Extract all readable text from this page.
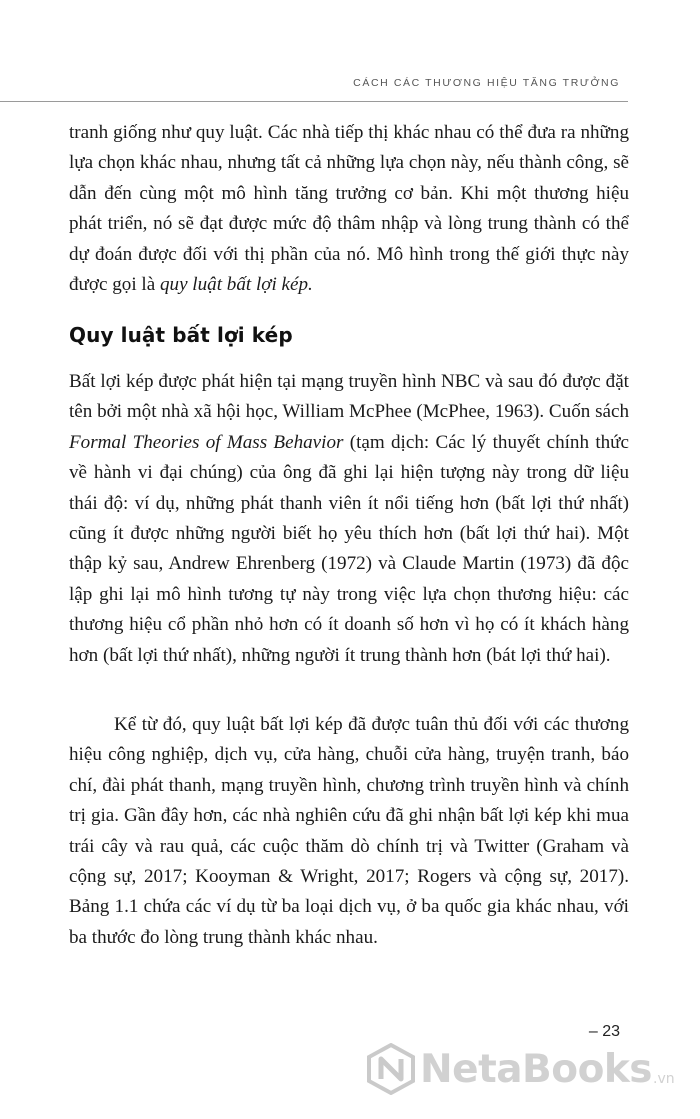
CÁCH CÁC THƯƠNG HIỆU TĂNG TRƯỞNG

tranh giống như quy luật. Các nhà tiếp thị khác nhau có thể đưa ra những lựa chọn khác nhau, nhưng tất cả những lựa chọn này, nếu thành công, sẽ dẫn đến cùng một mô hình tăng trưởng cơ bản. Khi một thương hiệu phát triển, nó sẽ đạt được mức độ thâm nhập và lòng trung thành có thể dự đoán được đối với thị phần của nó. Mô hình trong thế giới thực này được gọi là quy luật bất lợi kép.

Quy luật bất lợi kép

Bất lợi kép được phát hiện tại mạng truyền hình NBC và sau đó được đặt tên bởi một nhà xã hội học, William McPhee (McPhee, 1963). Cuốn sách Formal Theories of Mass Behavior (tạm dịch: Các lý thuyết chính thức về hành vi đại chúng) của ông đã ghi lại hiện tượng này trong dữ liệu thái độ: ví dụ, những phát thanh viên ít nổi tiếng hơn (bất lợi thứ nhất) cũng ít được những người biết họ yêu thích hơn (bất lợi thứ hai). Một thập kỷ sau, Andrew Ehrenberg (1972) và Claude Martin (1973) đã độc lập ghi lại mô hình tương tự này trong việc lựa chọn thương hiệu: các thương hiệu cổ phần nhỏ hơn có ít doanh số hơn vì họ có ít khách hàng hơn (bất lợi thứ nhất), những người ít trung thành hơn (bát lợi thứ hai).

Kể từ đó, quy luật bất lợi kép đã được tuân thủ đối với các thương hiệu công nghiệp, dịch vụ, cửa hàng, chuỗi cửa hàng, truyện tranh, báo chí, đài phát thanh, mạng truyền hình, chương trình truyền hình và chính trị gia. Gần đây hơn, các nhà nghiên cứu đã ghi nhận bất lợi kép khi mua trái cây và rau quả, các cuộc thăm dò chính trị và Twitter (Graham và cộng sự, 2017; Kooyman & Wright, 2017; Rogers và cộng sự, 2017). Bảng 1.1 chứa các ví dụ từ ba loại dịch vụ, ở ba quốc gia khác nhau, với ba thước đo lòng trung thành khác nhau.

– 23
NetaBooks .vn
